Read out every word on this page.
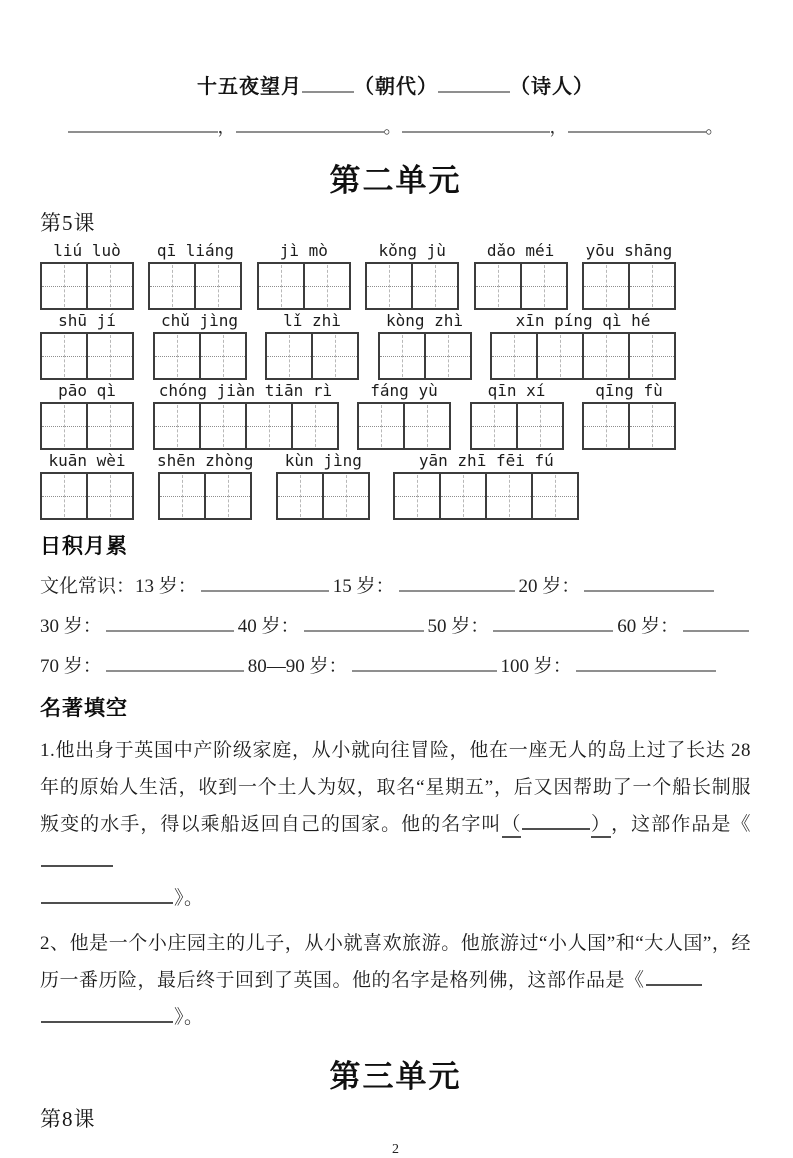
十五夜望月	（朝代）	（诗人）
，	。	，	。
第二单元
第5课
liú luò qī liáng	jì mò	kǒng jù	dǎo méi yōu shāng
shū jí	chǔ jìng	lǐ zhì	kòng zhì	xīn píng qì hé
pāo qì	chóng jiàn tiān rì fáng yù	qīn xí	qīng fù
kuān wèi shēn zhòng kùn jìng	yān zhī fēi fú
日积月累
文化常识：13 岁：	15 岁：	20 岁：
30 岁：	40 岁：	50 岁：	60 岁：
70 岁：	80—90 岁：	100 岁：
名著填空
1.他出身于英国中产阶级家庭，从小就向往冒险，他在一座无人的岛上过了长达 28 年的原始人生活，收到一个土人为奴，取名“星期五”，后又因帮助了一个船长制服叛变的水手，得以乘船返回自己的国家。他的名字叫（	），这部作品是《
》。
2、他是一个小庄园主的儿子，从小就喜欢旅游。他旅游过“小人国”和“大人国”，经历一番历险，最后终于回到了英国。他的名字是格列佛，这部作品是《
》。
第三单元
第8课
2
